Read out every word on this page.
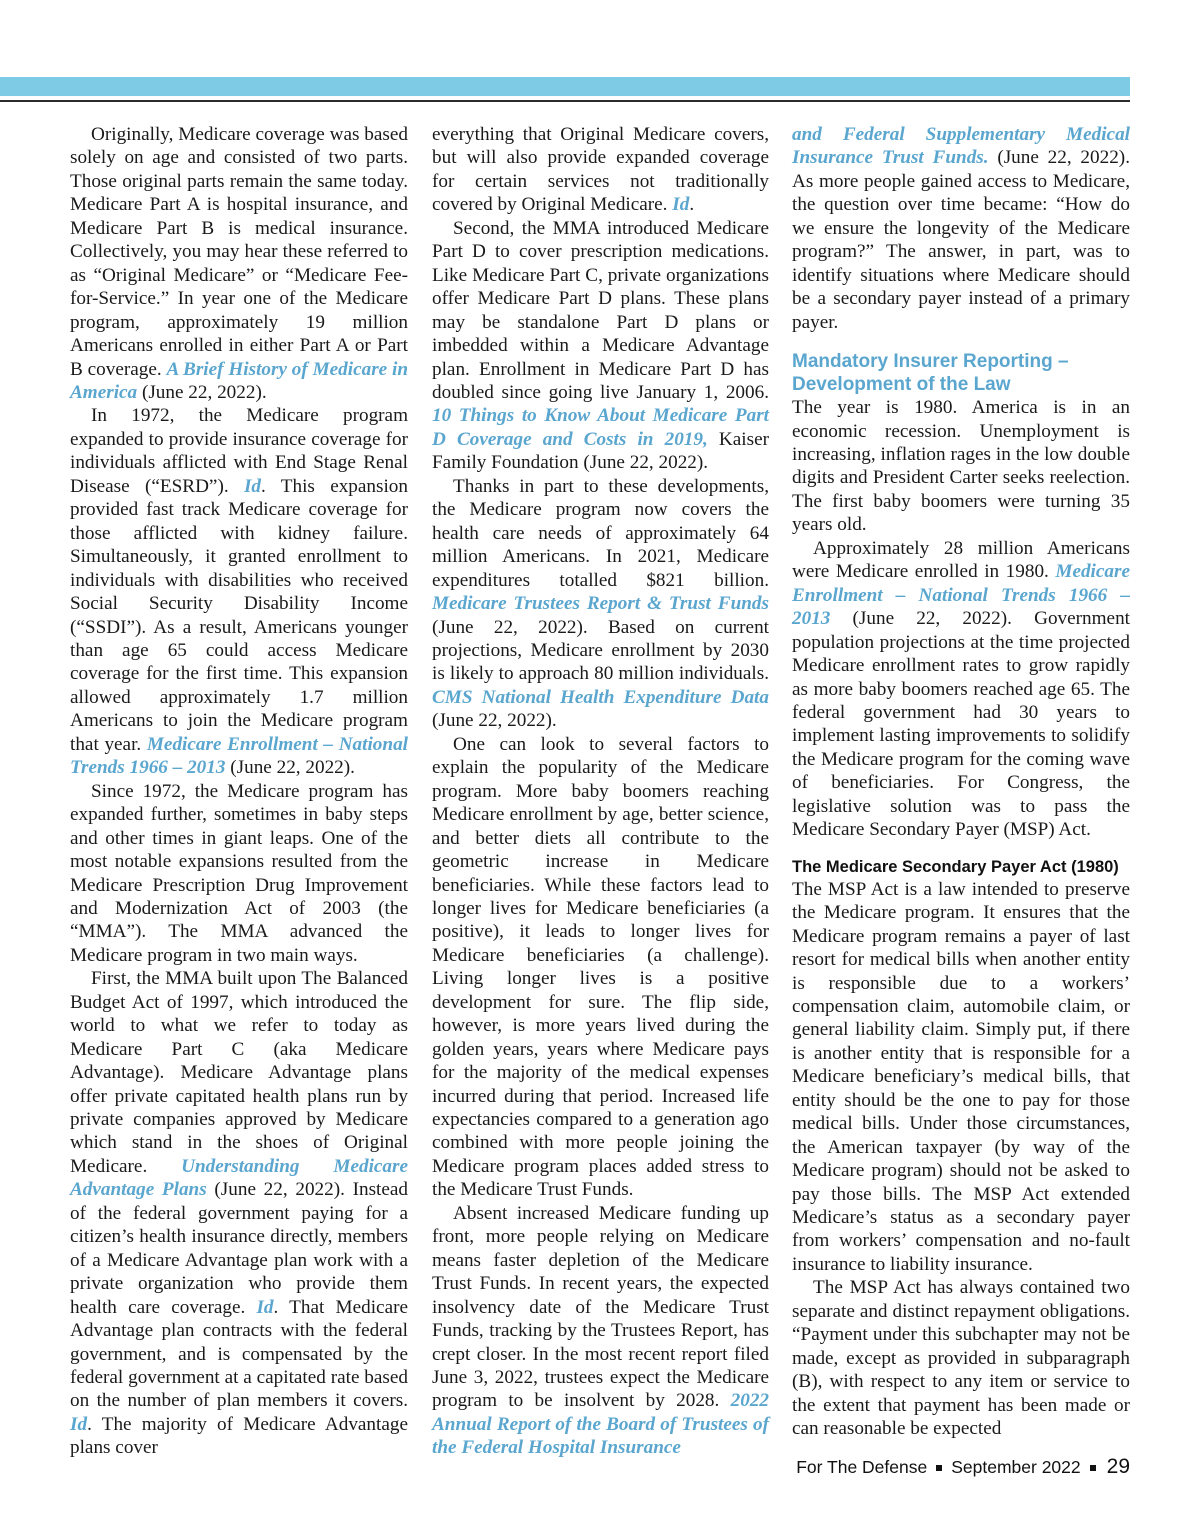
Originally, Medicare coverage was based solely on age and consisted of two parts. Those original parts remain the same today. Medicare Part A is hospital insurance, and Medicare Part B is medical insurance. Collectively, you may hear these referred to as “Original Medicare” or “Medicare Fee-for-Service.” In year one of the Medicare program, approximately 19 million Americans enrolled in either Part A or Part B coverage. A Brief History of Medicare in America (June 22, 2022).

In 1972, the Medicare program expanded to provide insurance coverage for individuals afflicted with End Stage Renal Disease (“ESRD”). Id. This expansion provided fast track Medicare coverage for those afflicted with kidney failure. Simultaneously, it granted enrollment to individuals with disabilities who received Social Security Disability Income (“SSDI”). As a result, Americans younger than age 65 could access Medicare coverage for the first time. This expansion allowed approximately 1.7 million Americans to join the Medicare program that year. Medicare Enrollment – National Trends 1966 – 2013 (June 22, 2022).

Since 1972, the Medicare program has expanded further, sometimes in baby steps and other times in giant leaps. One of the most notable expansions resulted from the Medicare Prescription Drug Improvement and Modernization Act of 2003 (the “MMA”). The MMA advanced the Medicare program in two main ways.

First, the MMA built upon The Balanced Budget Act of 1997, which introduced the world to what we refer to today as Medicare Part C (aka Medicare Advantage). Medicare Advantage plans offer private capitated health plans run by private companies approved by Medicare which stand in the shoes of Original Medicare. Understanding Medicare Advantage Plans (June 22, 2022). Instead of the federal government paying for a citizen’s health insurance directly, members of a Medicare Advantage plan work with a private organization who provide them health care coverage. Id. That Medicare Advantage plan contracts with the federal government, and is compensated by the federal government at a capitated rate based on the number of plan members it covers. Id. The majority of Medicare Advantage plans cover

everything that Original Medicare covers, but will also provide expanded coverage for certain services not traditionally covered by Original Medicare. Id.

Second, the MMA introduced Medicare Part D to cover prescription medications. Like Medicare Part C, private organizations offer Medicare Part D plans. These plans may be standalone Part D plans or imbedded within a Medicare Advantage plan. Enrollment in Medicare Part D has doubled since going live January 1, 2006. 10 Things to Know About Medicare Part D Coverage and Costs in 2019, Kaiser Family Foundation (June 22, 2022).

Thanks in part to these developments, the Medicare program now covers the health care needs of approximately 64 million Americans. In 2021, Medicare expenditures totalled $821 billion. Medicare Trustees Report & Trust Funds (June 22, 2022). Based on current projections, Medicare enrollment by 2030 is likely to approach 80 million individuals. CMS National Health Expenditure Data (June 22, 2022).

One can look to several factors to explain the popularity of the Medicare program. More baby boomers reaching Medicare enrollment by age, better science, and better diets all contribute to the geometric increase in Medicare beneficiaries. While these factors lead to longer lives for Medicare beneficiaries (a positive), it leads to longer lives for Medicare beneficiaries (a challenge). Living longer lives is a positive development for sure. The flip side, however, is more years lived during the golden years, years where Medicare pays for the majority of the medical expenses incurred during that period. Increased life expectancies compared to a generation ago combined with more people joining the Medicare program places added stress to the Medicare Trust Funds.

Absent increased Medicare funding up front, more people relying on Medicare means faster depletion of the Medicare Trust Funds. In recent years, the expected insolvency date of the Medicare Trust Funds, tracking by the Trustees Report, has crept closer. In the most recent report filed June 3, 2022, trustees expect the Medicare program to be insolvent by 2028. 2022 Annual Report of the Board of Trustees of the Federal Hospital Insurance

and Federal Supplementary Medical Insurance Trust Funds. (June 22, 2022). As more people gained access to Medicare, the question over time became: “How do we ensure the longevity of the Medicare program?” The answer, in part, was to identify situations where Medicare should be a secondary payer instead of a primary payer.

Mandatory Insurer Reporting – Development of the Law

The year is 1980. America is in an economic recession. Unemployment is increasing, inflation rages in the low double digits and President Carter seeks reelection. The first baby boomers were turning 35 years old.

Approximately 28 million Americans were Medicare enrolled in 1980. Medicare Enrollment – National Trends 1966 – 2013 (June 22, 2022). Government population projections at the time projected Medicare enrollment rates to grow rapidly as more baby boomers reached age 65. The federal government had 30 years to implement lasting improvements to solidify the Medicare program for the coming wave of beneficiaries. For Congress, the legislative solution was to pass the Medicare Secondary Payer (MSP) Act.

The Medicare Secondary Payer Act (1980)

The MSP Act is a law intended to preserve the Medicare program. It ensures that the Medicare program remains a payer of last resort for medical bills when another entity is responsible due to a workers’ compensation claim, automobile claim, or general liability claim. Simply put, if there is another entity that is responsible for a Medicare beneficiary’s medical bills, that entity should be the one to pay for those medical bills. Under those circumstances, the American taxpayer (by way of the Medicare program) should not be asked to pay those bills. The MSP Act extended Medicare’s status as a secondary payer from workers’ compensation and no-fault insurance to liability insurance.

The MSP Act has always contained two separate and distinct repayment obligations. “Payment under this subchapter may not be made, except as provided in subparagraph (B), with respect to any item or service to the extent that payment has been made or can reasonable be expected

For The Defense September 2022 29
